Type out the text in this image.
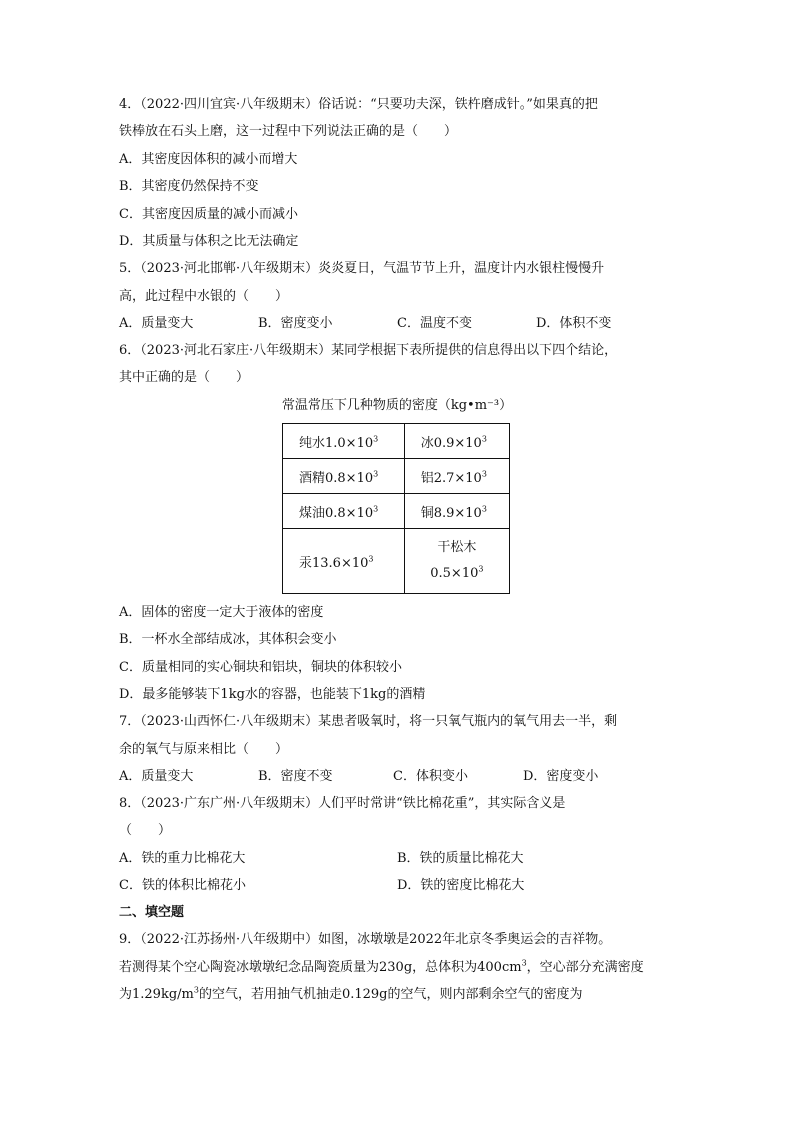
4．（2022·四川宜宾·八年级期末）俗话说：“只要功夫深，铁杵磨成针。”如果真的把
铁棒放在石头上磨，这一过程中下列说法正确的是（　　）
A．其密度因体积的减小而增大
B．其密度仍然保持不变
C．其密度因质量的减小而减小
D．其质量与体积之比无法确定
5．（2023·河北邯郸·八年级期末）炎炎夏日，气温节节上升，温度计内水银柱慢慢升
高，此过程中水银的（　　）
A．质量变大	B．密度变小	C．温度不变	D．体积不变
6．（2023·河北石家庄·八年级期末）某同学根据下表所提供的信息得出以下四个结论，
其中正确的是（　　）
常温常压下几种物质的密度（kg•m⁻³）
纯水$1.0\times 10^3$	冰$0.9\times 10^3$
酒精$0.8\times 10^3$	铝$2.7\times 10^3$
煤油$0.8\times 10^3$	铜$8.9\times 10^3$
汞$13.6\times 10^3$	干松木
$0.5\times 10^3$
A．固体的密度一定大于液体的密度
B．一杯水全部结成冰，其体积会变小
C．质量相同的实心铜块和铝块，铜块的体积较小
D．最多能够装下1kg水的容器，也能装下1kg的酒精
7．（2023·山西怀仁·八年级期末）某患者吸氧时，将一只氧气瓶内的氧气用去一半，剩
余的氧气与原来相比（　　）
A．质量变大	B．密度不变	C．体积变小	D．密度变小
8．（2023·广东广州·八年级期末）人们平时常讲“铁比棉花重”，其实际含义是
（　　）
A．铁的重力比棉花大	B．铁的质量比棉花大
C．铁的体积比棉花小	D．铁的密度比棉花大
二、填空题
9．（2022·江苏扬州·八年级期中）如图，冰墩墩是2022年北京冬季奥运会的吉祥物。
若测得某个空心陶瓷冰墩墩纪念品陶瓷质量为230g，总体积为$400cm^3$，空心部分充满密度
为$1.29kg/m^3$的空气，若用抽气机抽走0.129g的空气，则内部剩余空气的密度为
